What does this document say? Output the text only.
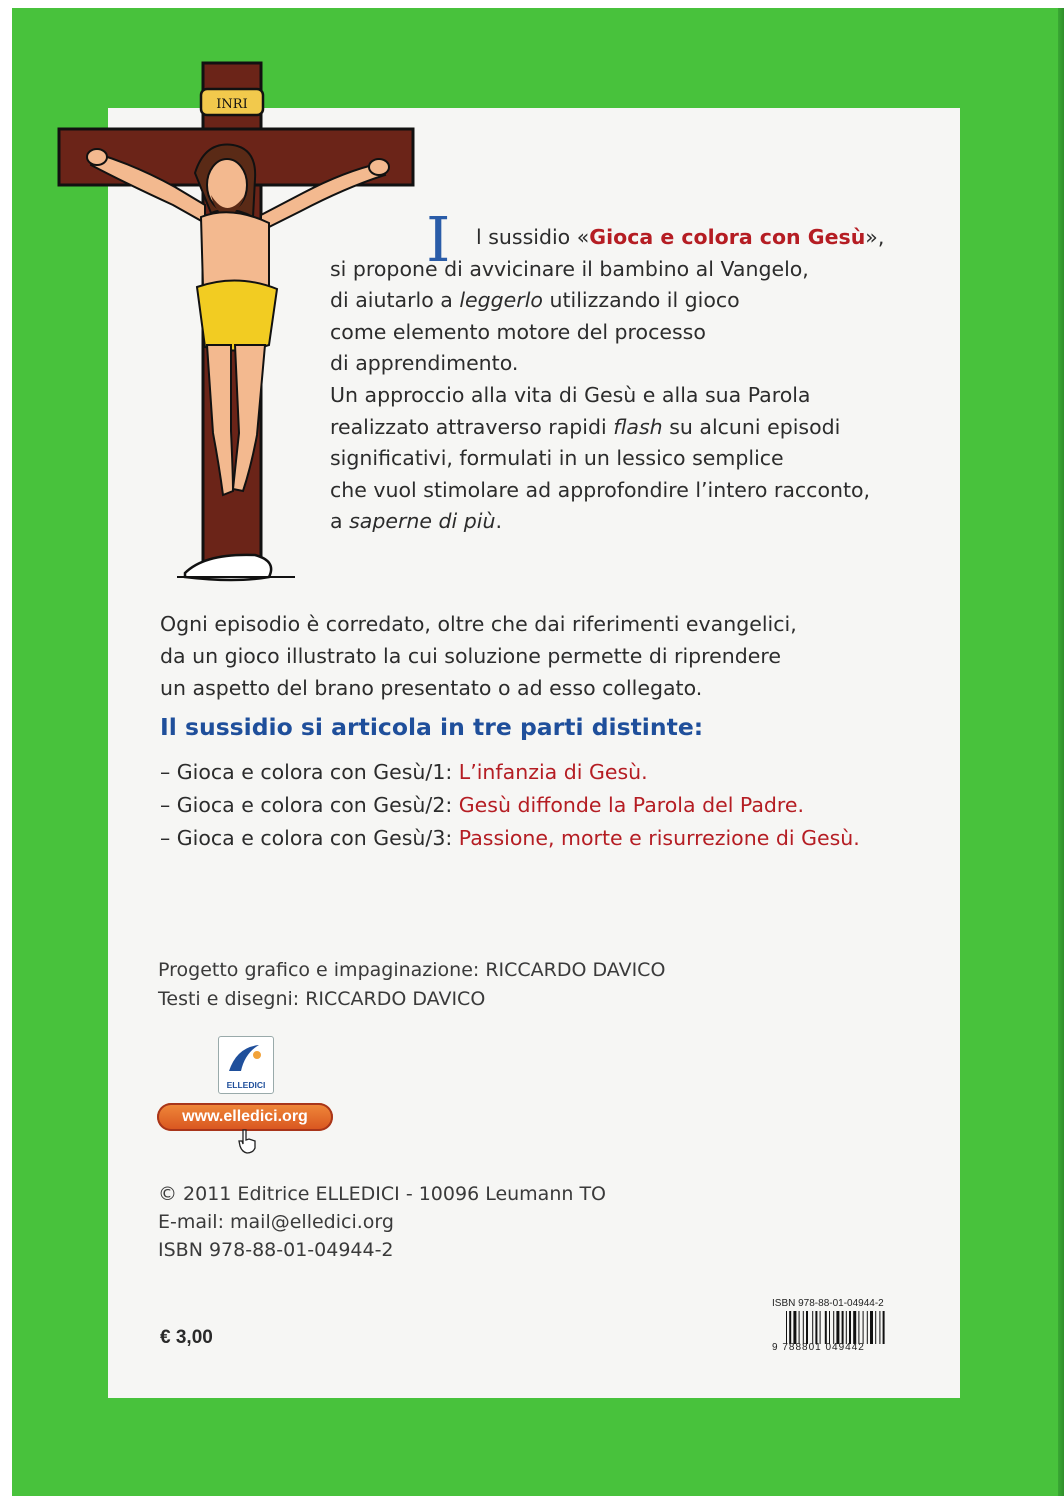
INRI
I	l sussidio «Gioca e colora con Gesù»,

si propone di avvicinare il bambino al Vangelo,

di aiutarlo a leggerlo utilizzando il gioco

come elemento motore del processo

di apprendimento.

Un approccio alla vita di Gesù e alla sua Parola

realizzato attraverso rapidi flash su alcuni episodi

significativi, formulati in un lessico semplice

che vuol stimolare ad approfondire l’intero racconto,

a saperne di più.

Ogni episodio è corredato, oltre che dai riferimenti evangelici,
da un gioco illustrato la cui soluzione permette di riprendere
un aspetto del brano presentato o ad esso collegato.
Il sussidio si articola in tre parti distinte:
– Gioca e colora con Gesù/1: L’infanzia di Gesù.
– Gioca e colora con Gesù/2: Gesù diffonde la Parola del Padre.
– Gioca e colora con Gesù/3: Passione, morte e risurrezione di Gesù.
Progetto grafico e impaginazione: RICCARDO DAVICO
Testi e disegni: RICCARDO DAVICO
ELLEDICI
www.elledici.org
© 2011 Editrice ELLEDICI - 10096 Leumann TO
E-mail: mail@elledici.org
ISBN 978-88-01-04944-2
€ 3,00
ISBN 978-88-01-04944-2
9 788801 049442
